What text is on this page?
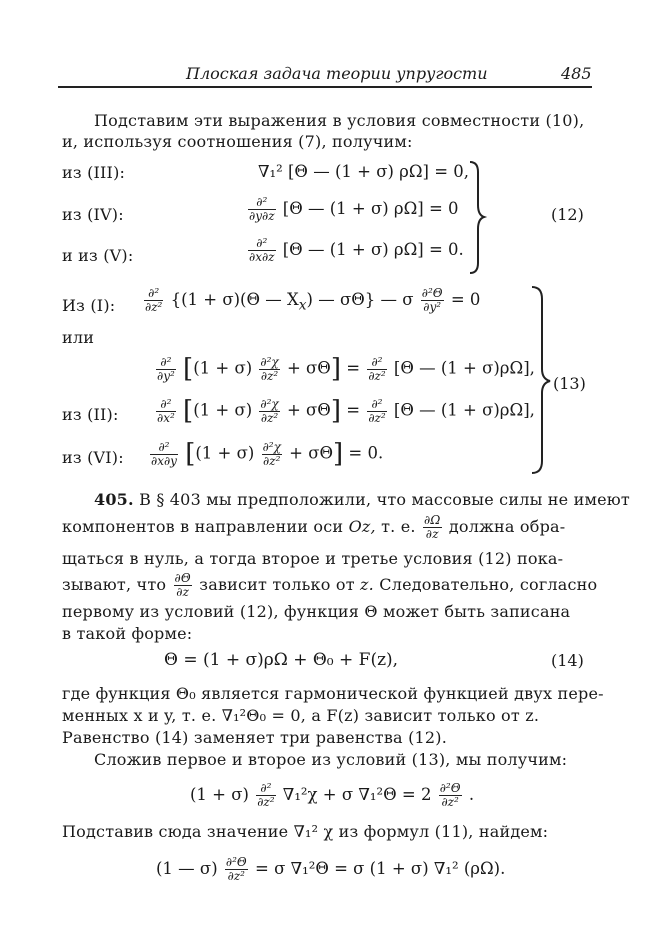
Плоская задача теории упругости	485
Подставим эти выражения в условия совместности (10),
и, используя соотношения (7), получим:
из (III):	∇₁² [Θ — (1 + σ) ρΩ] = 0,
из (IV):	$\frac{\text{∂²}}{\partial y\partial z} [\Theta$ — (1 + σ) ρΩ] = 0
и из (V):	$\frac{\text{∂²}}{\partial x\partial z} [\Theta$ — (1 + σ) ρΩ] = 0.
(12)
Из (I): $\frac{\text{∂²}}{\text{∂z²}} \{(1 + \sigma)(\Theta$ — $X_x$) — σΘ} — σ $\frac{\text{∂²Θ}}{\text{∂y²}} = 0$
или
$\frac{\text{∂²}}{\text{∂y²}} [(1 + \sigma) \frac{\text{∂²χ}}{\text{∂z²}} + \sigma\Theta] = \frac{\text{∂²}}{\text{∂z²}} [\Theta$ — (1 + σ)ρΩ],
из (II):	$\frac{\text{∂²}}{\text{∂x²}} [(1 + \sigma) \frac{\text{∂²χ}}{\text{∂z²}} + \sigma\Theta] = \frac{\text{∂²}}{\text{∂z²}} [\Theta$ — (1 + σ)ρΩ],
из (VI): $\frac{\text{∂²}}{\partial x\partial y} [(1 + \sigma) \frac{\text{∂²χ}}{\text{∂z²}} + \sigma\Theta] = 0$.
(13)
405. В § 403 мы предположили, что массовые силы не имеют
компонентов в направлении оси Oz, т. е. $\frac{\partial\Omega}{\partial z}$ должна обра-
щаться в нуль, а тогда второе и третье условия (12) пока-
зывают, что $\frac{\partial\Theta}{\partial z}$ зависит только от z. Следовательно, согласно
первому из условий (12), функция Θ может быть записана
в такой форме:
Θ = (1 + σ)ρΩ + Θ₀ + F(z),	(14)
где функция Θ₀ является гармонической функцией двух пере-
менных x и y, т. е. ∇₁²Θ₀ = 0, а F(z) зависит только от z.
Равенство (14) заменяет три равенства (12).
Сложив первое и второе из условий (13), мы получим:
$(1 + \sigma) \frac{\text{∂²}}{\text{∂z²}} \nabla_1^2\chi + \sigma$ $\nabla_1^2\Theta = 2 \frac{\text{∂²Θ}}{\text{∂z²}}$ .
Подставив сюда значение ∇₁² χ из формул (11), найдем:
(1 — $\sigma) \frac{\text{∂²Θ}}{\text{∂z²}} = \sigma$ ∇₁²Θ = σ (1 + σ) ∇₁² (ρΩ).
